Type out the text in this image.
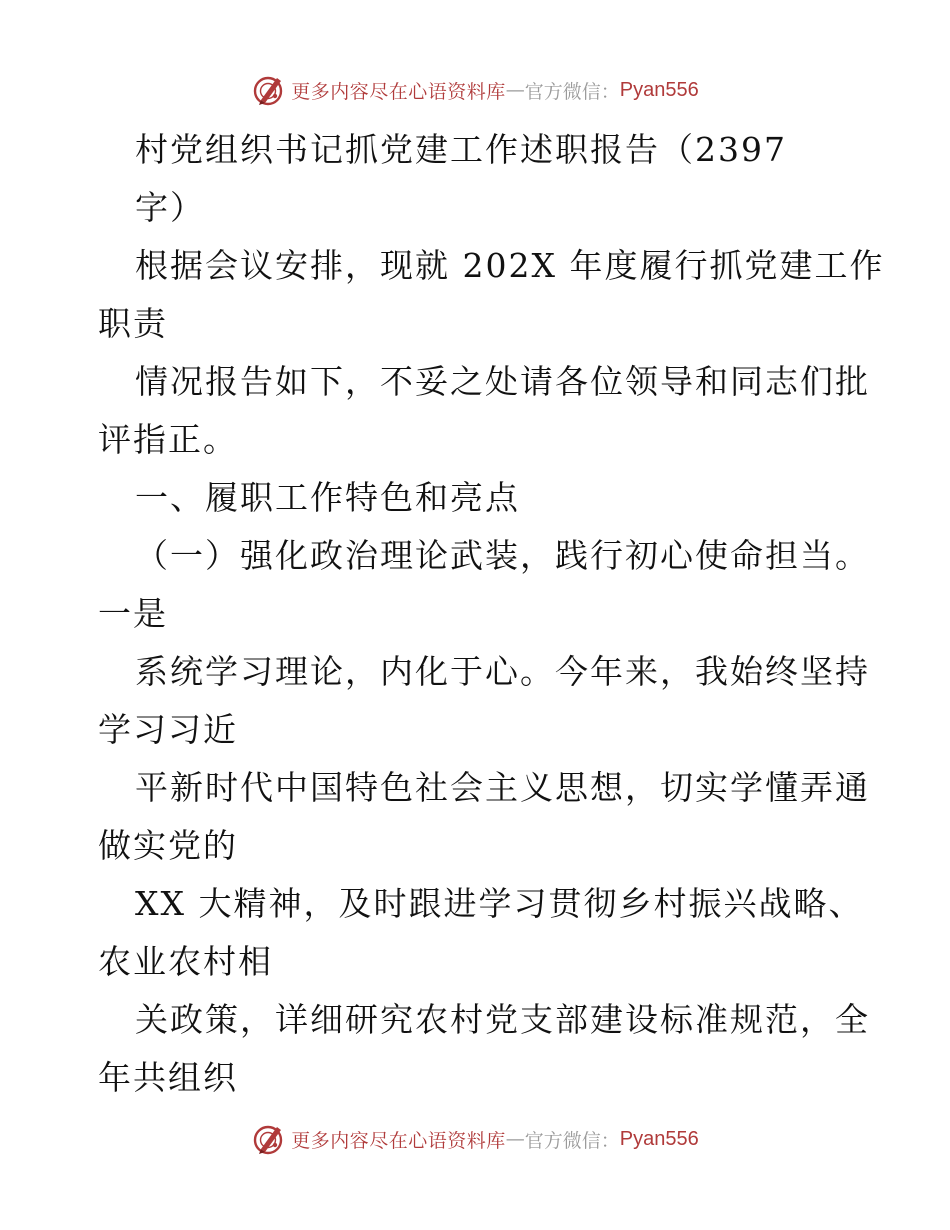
更多内容尽在心语资料库 — 官方微信： Pyan556
村党组织书记抓党建工作述职报告（2397
字）
根据会议安排，现就 202X 年度履行抓党建工作
职责
情况报告如下，不妥之处请各位领导和同志们批
评指正。
一、履职工作特色和亮点
（一）强化政治理论武装，践行初心使命担当。
一是
系统学习理论，内化于心。今年来，我始终坚持
学习习近
平新时代中国特色社会主义思想，切实学懂弄通
做实党的
XX 大精神，及时跟进学习贯彻乡村振兴战略、
农业农村相
关政策，详细研究农村党支部建设标准规范，全
年共组织
更多内容尽在心语资料库 — 官方微信： Pyan556
